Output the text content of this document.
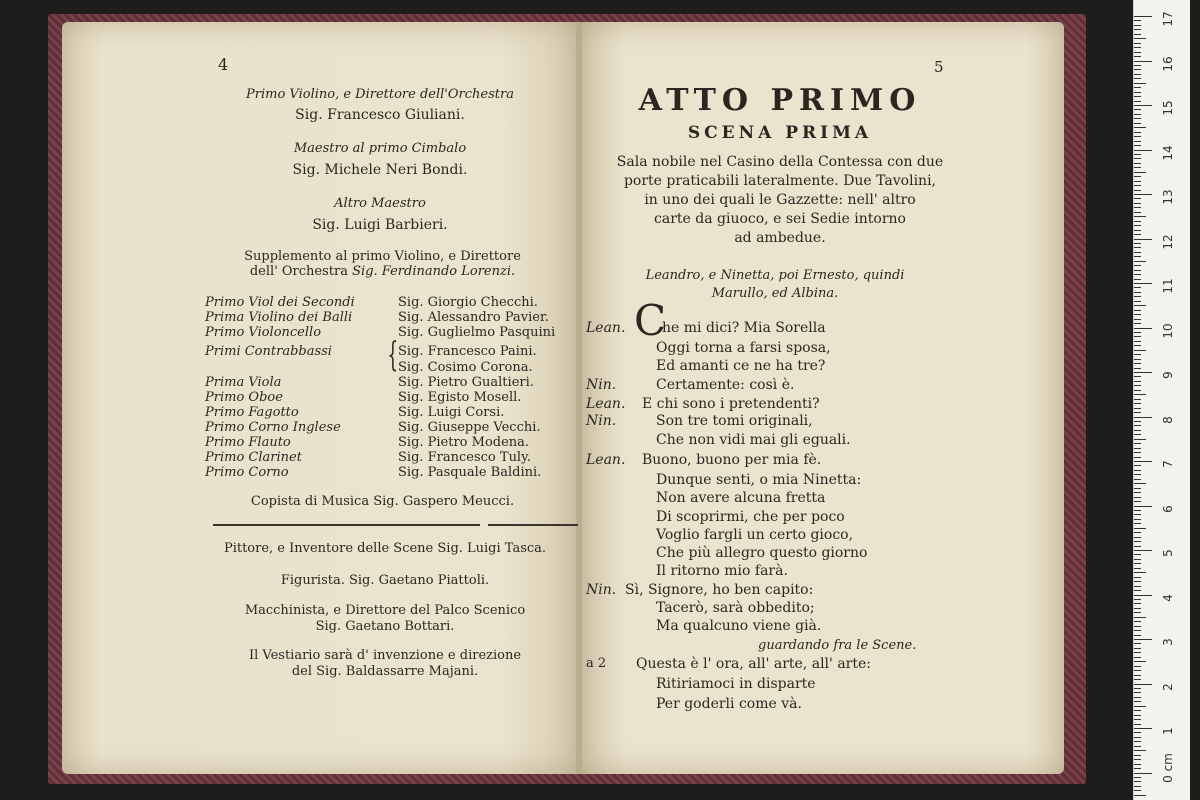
4
Primo Violino, e Direttore dell'Orchestra
Sig. Francesco Giuliani.
Maestro al primo Cimbalo
Sig. Michele Neri Bondi.
Altro Maestro
Sig. Luigi Barbieri.
Supplemento al primo Violino, e Direttore
dell' Orchestra Sig. Ferdinando Lorenzi.
Primo Viol dei Secondi	Sig. Giorgio Checchi.
Prima Violino dei Balli	Sig. Alessandro Pavier.
Primo Violoncello	Sig. Guglielmo Pasquini
Primi Contrabbassi	Sig. Francesco Paini.
Sig. Cosimo Corona.
Prima Viola	Sig. Pietro Gualtieri.
Primo Oboe	Sig. Egisto Mosell.
Primo Fagotto	Sig. Luigi Corsi.
Primo Corno Inglese	Sig. Giuseppe Vecchi.
Primo Flauto	Sig. Pietro Modena.
Primo Clarinet	Sig. Francesco Tuly.
Primo Corno	Sig. Pasquale Baldini.
{
Copista di Musica Sig. Gaspero Meucci.
Pittore, e Inventore delle Scene Sig. Luigi Tasca.
Figurista. Sig. Gaetano Piattoli.
Macchinista, e Direttore del Palco Scenico
Sig. Gaetano Bottari.
Il Vestiario sarà d' invenzione e direzione
del Sig. Baldassarre Majani.
5
ATTO PRIMO
SCENA PRIMA
Sala nobile nel Casino della Contessa con due
porte praticabili lateralmente. Due Tavolini,
in uno dei quali le Gazzette: nell' altro
carte da giuoco, e sei Sedie intorno
ad ambedue.
Leandro, e Ninetta, poi Ernesto, quindi
Marullo, ed Albina.
C
Lean.	he mi dici? Mia Sorella
Oggi torna a farsi sposa,
Ed amanti ce ne ha tre?
Nin.	Certamente: così è.
Lean. E chi sono i pretendenti?
Nin.	Son tre tomi originali,
Che non vidi mai gli eguali.
Lean. Buono, buono per mia fè.
Dunque senti, o mia Ninetta:
Non avere alcuna fretta
Di scoprirmi, che per poco
Voglio fargli un certo gioco,
Che più allegro questo giorno
Il ritorno mio farà.
Nin. Sì, Signore, ho ben capito:
Tacerò, sarà obbedito;
Ma qualcuno viene già.
guardando fra le Scene.
a 2 Questa è l' ora, all' arte, all' arte:
Ritiriamoci in disparte
Per goderli come và.
17
16
15
14
13
12
11
10
9
8
7
6
5
4
3
2
1
0 cm
